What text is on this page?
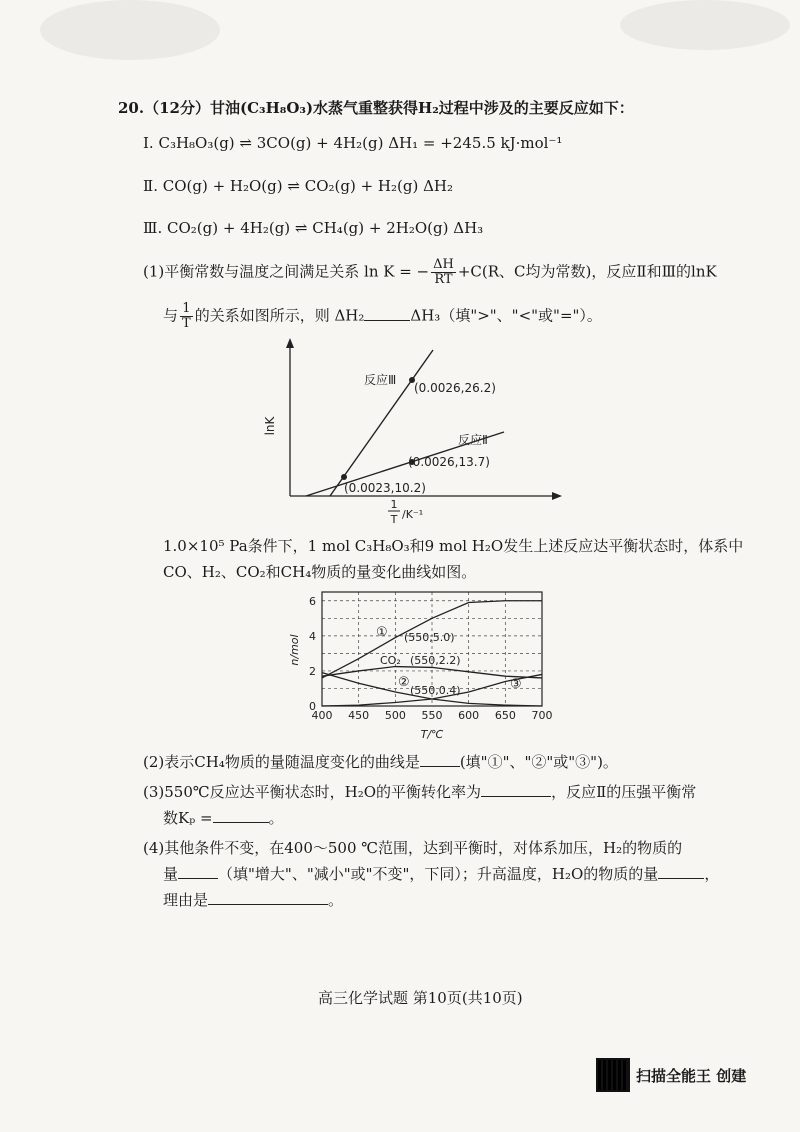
20.（12分）甘油(C₃H₈O₃)水蒸气重整获得H₂过程中涉及的主要反应如下：
Ⅰ. C₃H₈O₃(g) ⇌ 3CO(g) + 4H₂(g) ΔH₁ = +245.5 kJ·mol⁻¹
Ⅱ. CO(g) + H₂O(g) ⇌ CO₂(g) + H₂(g) ΔH₂
Ⅲ. CO₂(g) + 4H₂(g) ⇌ CH₄(g) + 2H₂O(g) ΔH₃
(1)平衡常数与温度之间满足关系 ln K = − $\frac{\Delta H}{RT} +C(R$、C均为常数)，反应Ⅱ和Ⅲ的lnK
与 $\frac{1}{T}$ 的关系如图所示，则 ΔH₂	ΔH₃（填">"、"<"或"="）。
lnK
反应Ⅲ
(0.0026,26.2)
反应Ⅱ
(0.0026,13.7)
(0.0023,10.2)
1
T /K⁻¹
1.0×10⁵ Pa条件下，1 mol C₃H₈O₃和9 mol H₂O发生上述反应达平衡状态时，体系中
CO、H₂、CO₂和CH₄物质的量变化曲线如图。
400 450 500 550 600 650 700
0
2
4
6
n/mol
T/℃
①
CO₂
②	③
(550,5.0)
(550,2.2)
(550,0.4)
(2)表示CH₄物质的量随温度变化的曲线是	(填"①"、"②"或"③")。
(3)550℃反应达平衡状态时，H₂O的平衡转化率为	，反应Ⅱ的压强平衡常
数Kₚ =	。
(4)其他条件不变，在400～500 ℃范围，达到平衡时，对体系加压，H₂的物质的
量	（填"增大"、"减小"或"不变"，下同）；升高温度，H₂O的物质的量	，
理由是	。
高三化学试题 第10页(共10页)
扫描全能王 创建
